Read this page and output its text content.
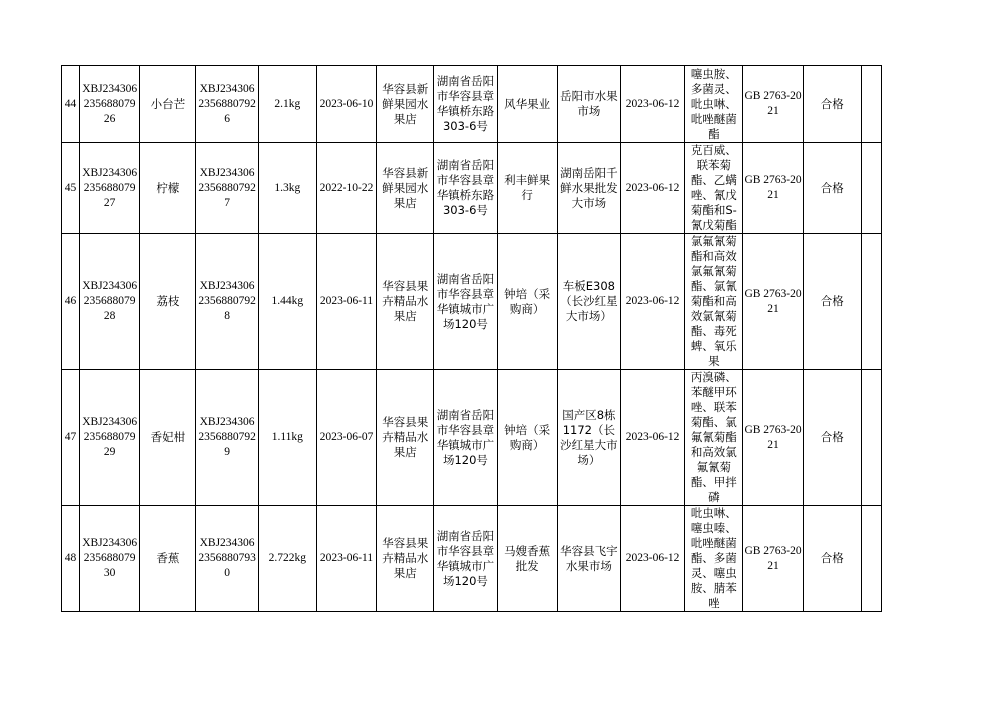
44	XBJ23430623568807926	小台芒	XBJ23430623568807926	2.1kg	2023-06-10	华容县新鲜果园水果店	湖南省岳阳市华容县章华镇桥东路303-6号	风华果业	岳阳市水果市场	2023-06-12	噻虫胺、多菌灵、吡虫啉、吡唑醚菌酯	GB 2763-2021	合格	
45	XBJ23430623568807927	柠檬	XBJ23430623568807927	1.3kg	2022-10-22	华容县新鲜果园水果店	湖南省岳阳市华容县章华镇桥东路303-6号	利丰鲜果行	湖南岳阳千鲜水果批发大市场	2023-06-12	克百威、联苯菊酯、乙螨唑、氰戊菊酯和S-氰戊菊酯	GB 2763-2021	合格	
46	XBJ23430623568807928	荔枝	XBJ23430623568807928	1.44kg	2023-06-11	华容县果卉精品水果店	湖南省岳阳市华容县章华镇城市广场120号	钟培（采购商）	车板E308（长沙红星大市场）	2023-06-12	氯氟氰菊酯和高效氯氟氰菊酯、氯氰菊酯和高效氯氰菊酯、毒死蜱、氧乐果	GB 2763-2021	合格	
47	XBJ23430623568807929	香妃柑	XBJ23430623568807929	1.11kg	2023-06-07	华容县果卉精品水果店	湖南省岳阳市华容县章华镇城市广场120号	钟培（采购商）	国产区8栋1172（长沙红星大市场）	2023-06-12	丙溴磷、苯醚甲环唑、联苯菊酯、氯氟氰菊酯和高效氯氟氰菊酯、甲拌磷	GB 2763-2021	合格	
48	XBJ23430623568807930	香蕉	XBJ23430623568807930	2.722kg	2023-06-11	华容县果卉精品水果店	湖南省岳阳市华容县章华镇城市广场120号	马嫂香蕉批发	华容县飞宇水果市场	2023-06-12	吡虫啉、噻虫嗪、吡唑醚菌酯、多菌灵、噻虫胺、腈苯唑	GB 2763-2021	合格	
